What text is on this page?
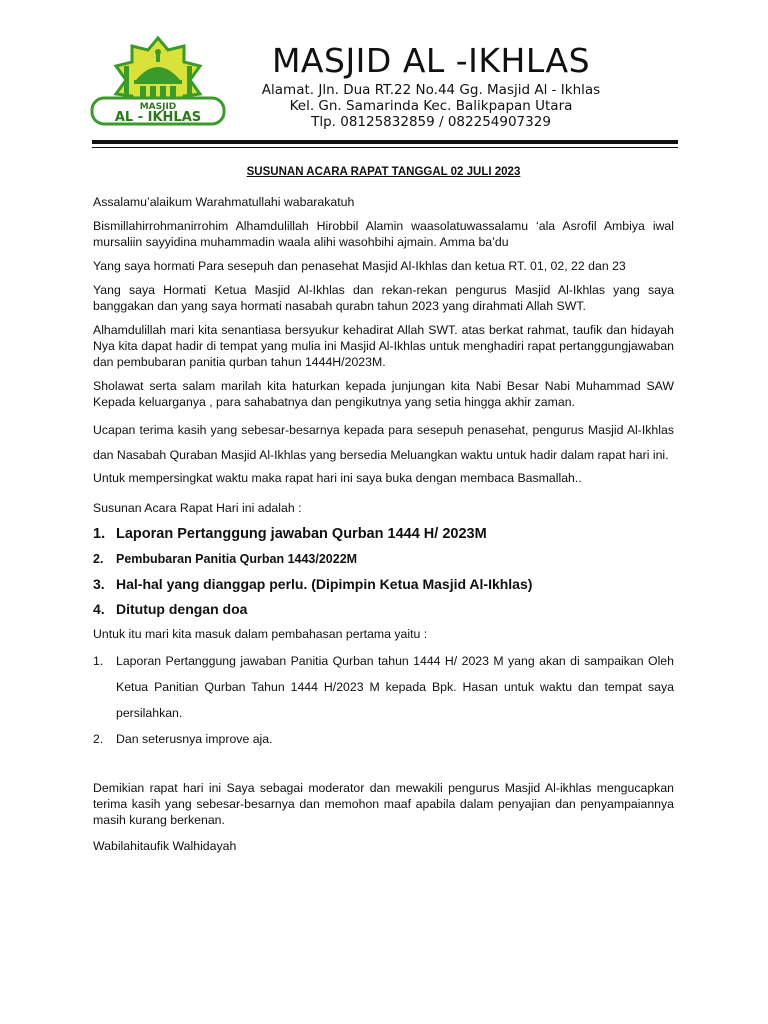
MASJID
AL - IKHLAS
MASJID AL -IKHLAS
Alamat. Jln. Dua RT.22 No.44 Gg. Masjid Al - Ikhlas
Kel. Gn. Samarinda Kec. Balikpapan Utara
Tlp. 08125832859 / 082254907329
SUSUNAN ACARA RAPAT TANGGAL 02 JULI 2023

Assalamu’alaikum Warahmatullahi wabarakatuh

Bismillahirrohmanirrohim Alhamdulillah Hirobbil Alamin waasolatuwassalamu ‘ala Asrofil Ambiya iwal mursaliin sayyidina muhammadin waala alihi wasohbihi ajmain. Amma ba’du

Yang saya hormati Para sesepuh dan penasehat Masjid Al-Ikhlas dan ketua RT. 01, 02, 22 dan 23

Yang saya Hormati Ketua Masjid Al-Ikhlas dan rekan-rekan pengurus Masjid Al-Ikhlas yang saya banggakan dan yang saya hormati nasabah qurabn tahun 2023 yang dirahmati Allah SWT.

Alhamdulillah mari kita senantiasa bersyukur kehadirat Allah SWT. atas berkat rahmat, taufik dan hidayah Nya kita dapat hadir di tempat yang mulia ini Masjid Al-Ikhlas untuk menghadiri rapat pertanggungjawaban dan pembubaran panitia qurban tahun 1444H/2023M.

Sholawat serta salam marilah kita haturkan kepada junjungan kita Nabi Besar Nabi Muhammad SAW Kepada keluarganya , para sahabatnya dan pengikutnya yang setia hingga akhir zaman.

Ucapan terima kasih yang sebesar-besarnya kepada para sesepuh penasehat, pengurus Masjid Al-Ikhlas dan Nasabah Quraban Masjid Al-Ikhlas yang bersedia Meluangkan waktu untuk hadir dalam rapat hari ini.

Untuk mempersingkat waktu maka rapat hari ini saya buka dengan membaca Basmallah..

Susunan Acara Rapat Hari ini adalah :

1. Laporan Pertanggung jawaban Qurban 1444 H/ 2023M
2.	Pembubaran Panitia Qurban 1443/2022M
3. Hal-hal yang dianggap perlu. (Dipimpin Ketua Masjid Al-Ikhlas)
4. Ditutup dengan doa

Untuk itu mari kita masuk dalam pembahasan pertama yaitu :

1.	Laporan Pertanggung jawaban Panitia Qurban tahun 1444 H/ 2023 M yang akan di sampaikan Oleh Ketua Panitian Qurban Tahun 1444 H/2023 M kepada Bpk. Hasan untuk waktu dan tempat saya persilahkan.
2.	Dan seterusnya improve aja.

Demikian rapat hari ini Saya sebagai moderator dan mewakili pengurus Masjid Al-ikhlas mengucapkan terima kasih yang sebesar-besarnya dan memohon maaf apabila dalam penyajian dan penyampaiannya masih kurang berkenan.

Wabilahitaufik Walhidayah
